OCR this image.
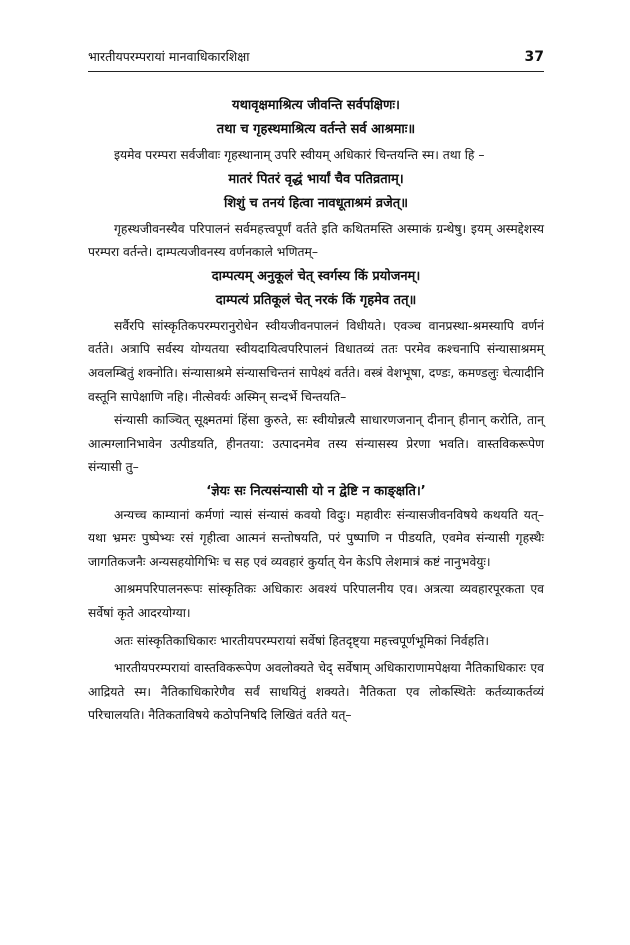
भारतीयपरम्परायां मानवाधिकारशिक्षा	37
यथावृक्षमाश्रित्य जीवन्ति सर्वपक्षिणः।
तथा च गृहस्थमाश्रित्य वर्तन्ते सर्व आश्रमाः॥

इयमेव परम्परा सर्वजीवाः गृहस्थानाम् उपरि स्वीयम् अधिकारं चिन्तयन्ति स्म। तथा हि –

मातरं पितरं वृद्धं भार्यां चैव पतिव्रताम्।
शिशुं च तनयं हित्वा नावधूताश्रमं व्रजेत्॥

गृहस्थजीवनस्यैव परिपालनं सर्वमहत्त्वपूर्णं वर्तते इति कथितमस्ति अस्माकं ग्रन्थेषु। इयम् अस्मद्देशस्य परम्परा वर्तन्ते। दाम्पत्यजीवनस्य वर्णनकाले भणितम्–

दाम्पत्यम् अनुकूलं चेत् स्वर्गस्य किं प्रयोजनम्।
दाम्पत्यं प्रतिकूलं चेत् नरकं किं गृहमेव तत्॥

सर्वैरपि सांस्कृतिकपरम्परानुरोधेन स्वीयजीवनपालनं विधीयते। एवञ्च वानप्रस्था-श्रमस्यापि वर्णनं वर्तते। अत्रापि सर्वस्य योग्यतया स्वीयदायित्वपरिपालनं विधातव्यं ततः परमेव कश्चनापि संन्यासाश्रमम् अवलम्बितुं शक्नोति। संन्यासाश्रमे संन्यासचिन्तनं सापेक्ष्यं वर्तते। वस्त्रं वेशभूषा, दण्डः, कमण्डलुः चेत्यादीनि वस्तूनि सापेक्षाणि नहि। नीत्सेवर्यः अस्मिन् सन्दर्भे चिन्तयति–

संन्यासी काञ्चित् सूक्ष्मतमां हिंसा कुरुते, सः स्वीयोन्नत्यै साधारणजनान् दीनान् हीनान् करोति, तान् आत्मग्लानिभावेन उत्पीडयति, हीनतया: उत्पादनमेव तस्य संन्यासस्य प्रेरणा भवति। वास्तविकरूपेण संन्यासी तु–

‘ज्ञेयः सः नित्यसंन्यासी यो न द्वेष्टि न काङ्क्षति।’

अन्यच्च काम्यानां कर्मणां न्यासं संन्यासं कवयो विदुः। महावीरः संन्यासजीवनविषये कथयति यत्– यथा भ्रमरः पुष्पेभ्यः रसं गृहीत्वा आत्मनं सन्तोषयति, परं पुष्पाणि न पीडयति, एवमेव संन्यासी गृहस्थैः जागतिकजनैः अन्यसहयोगिभिः च सह एवं व्यवहारं कुर्यात् येन केऽपि लेशमात्रं कष्टं नानुभवेयुः।

आश्रमपरिपालनरूपः सांस्कृतिकः अधिकारः अवश्यं परिपालनीय एव। अत्रत्या व्यवहारपूरकता एव सर्वेषां कृते आदरयोग्या।

अतः सांस्कृतिकाधिकारः भारतीयपरम्परायां सर्वेषां हितदृष्ट्या महत्त्वपूर्णभूमिकां निर्वहति।

भारतीयपरम्परायां वास्तविकरूपेण अवलोक्यते चेद् सर्वेषाम् अधिकाराणामपेक्षया नैतिकाधिकारः एव आद्रियते स्म। नैतिकाधिकारेणैव सर्वं साधयितुं शक्यते। नैतिकता एव लोकस्थितेः कर्तव्याकर्तव्यं परिचालयति। नैतिकताविषये कठोपनिषदि लिखितं वर्तते यत्–
